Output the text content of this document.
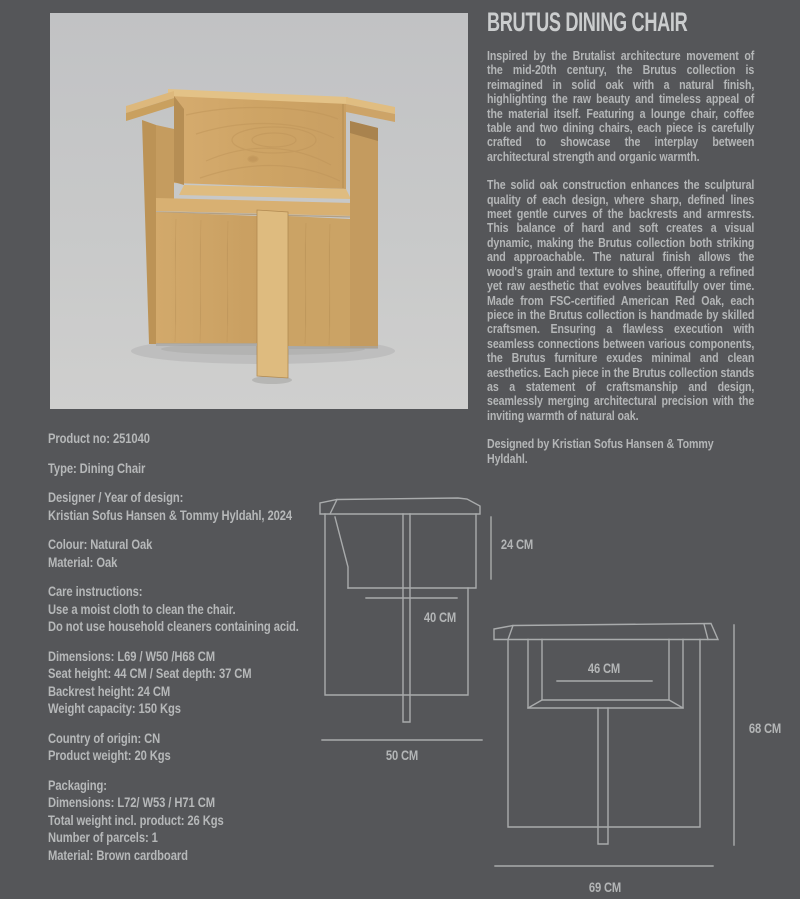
BRUTUS DINING CHAIR

Inspired by the Brutalist architecture movement of the mid-20th century, the Brutus collection is reimagined in solid oak with a natural finish, highlighting the raw beauty and timeless appeal of the material itself. Featuring a lounge chair, coffee table and two dining chairs, each piece is carefully crafted to showcase the interplay between architectural strength and organic warmth.

The solid oak construction enhances the sculptural quality of each design, where sharp, defined lines meet gentle curves of the backrests and armrests. This balance of hard and soft creates a visual dynamic, making the Brutus collection both striking and approachable. The natural finish allows the wood's grain and texture to shine, offering a refined yet raw aesthetic that evolves beautifully over time. Made from FSC-certified American Red Oak, each piece in the Brutus collection is handmade by skilled craftsmen. Ensuring a flawless execution with seamless connections between various components, the Brutus furniture exudes minimal and clean aesthetics. Each piece in the Brutus collection stands as a statement of craftsmanship and design, seamlessly merging architectural precision with the inviting warmth of natural oak.

Designed by Kristian Sofus Hansen & Tommy Hyldahl.

Product no: 251040
Type: Dining Chair
Designer / Year of design:
Kristian Sofus Hansen & Tommy Hyldahl, 2024
Colour: Natural Oak
Material: Oak
Care instructions:
Use a moist cloth to clean the chair.
Do not use household cleaners containing acid.
Dimensions: L69 / W50 /H68 CM
Seat height: 44 CM / Seat depth: 37 CM
Backrest height: 24 CM
Weight capacity: 150 Kgs
Country of origin: CN
Product weight: 20 Kgs
Packaging:
Dimensions: L72/ W53 / H71 CM
Total weight incl. product: 26 Kgs
Number of parcels: 1
Material: Brown cardboard
24 CM
40 CM
50 CM
46 CM
68 CM
69 CM
